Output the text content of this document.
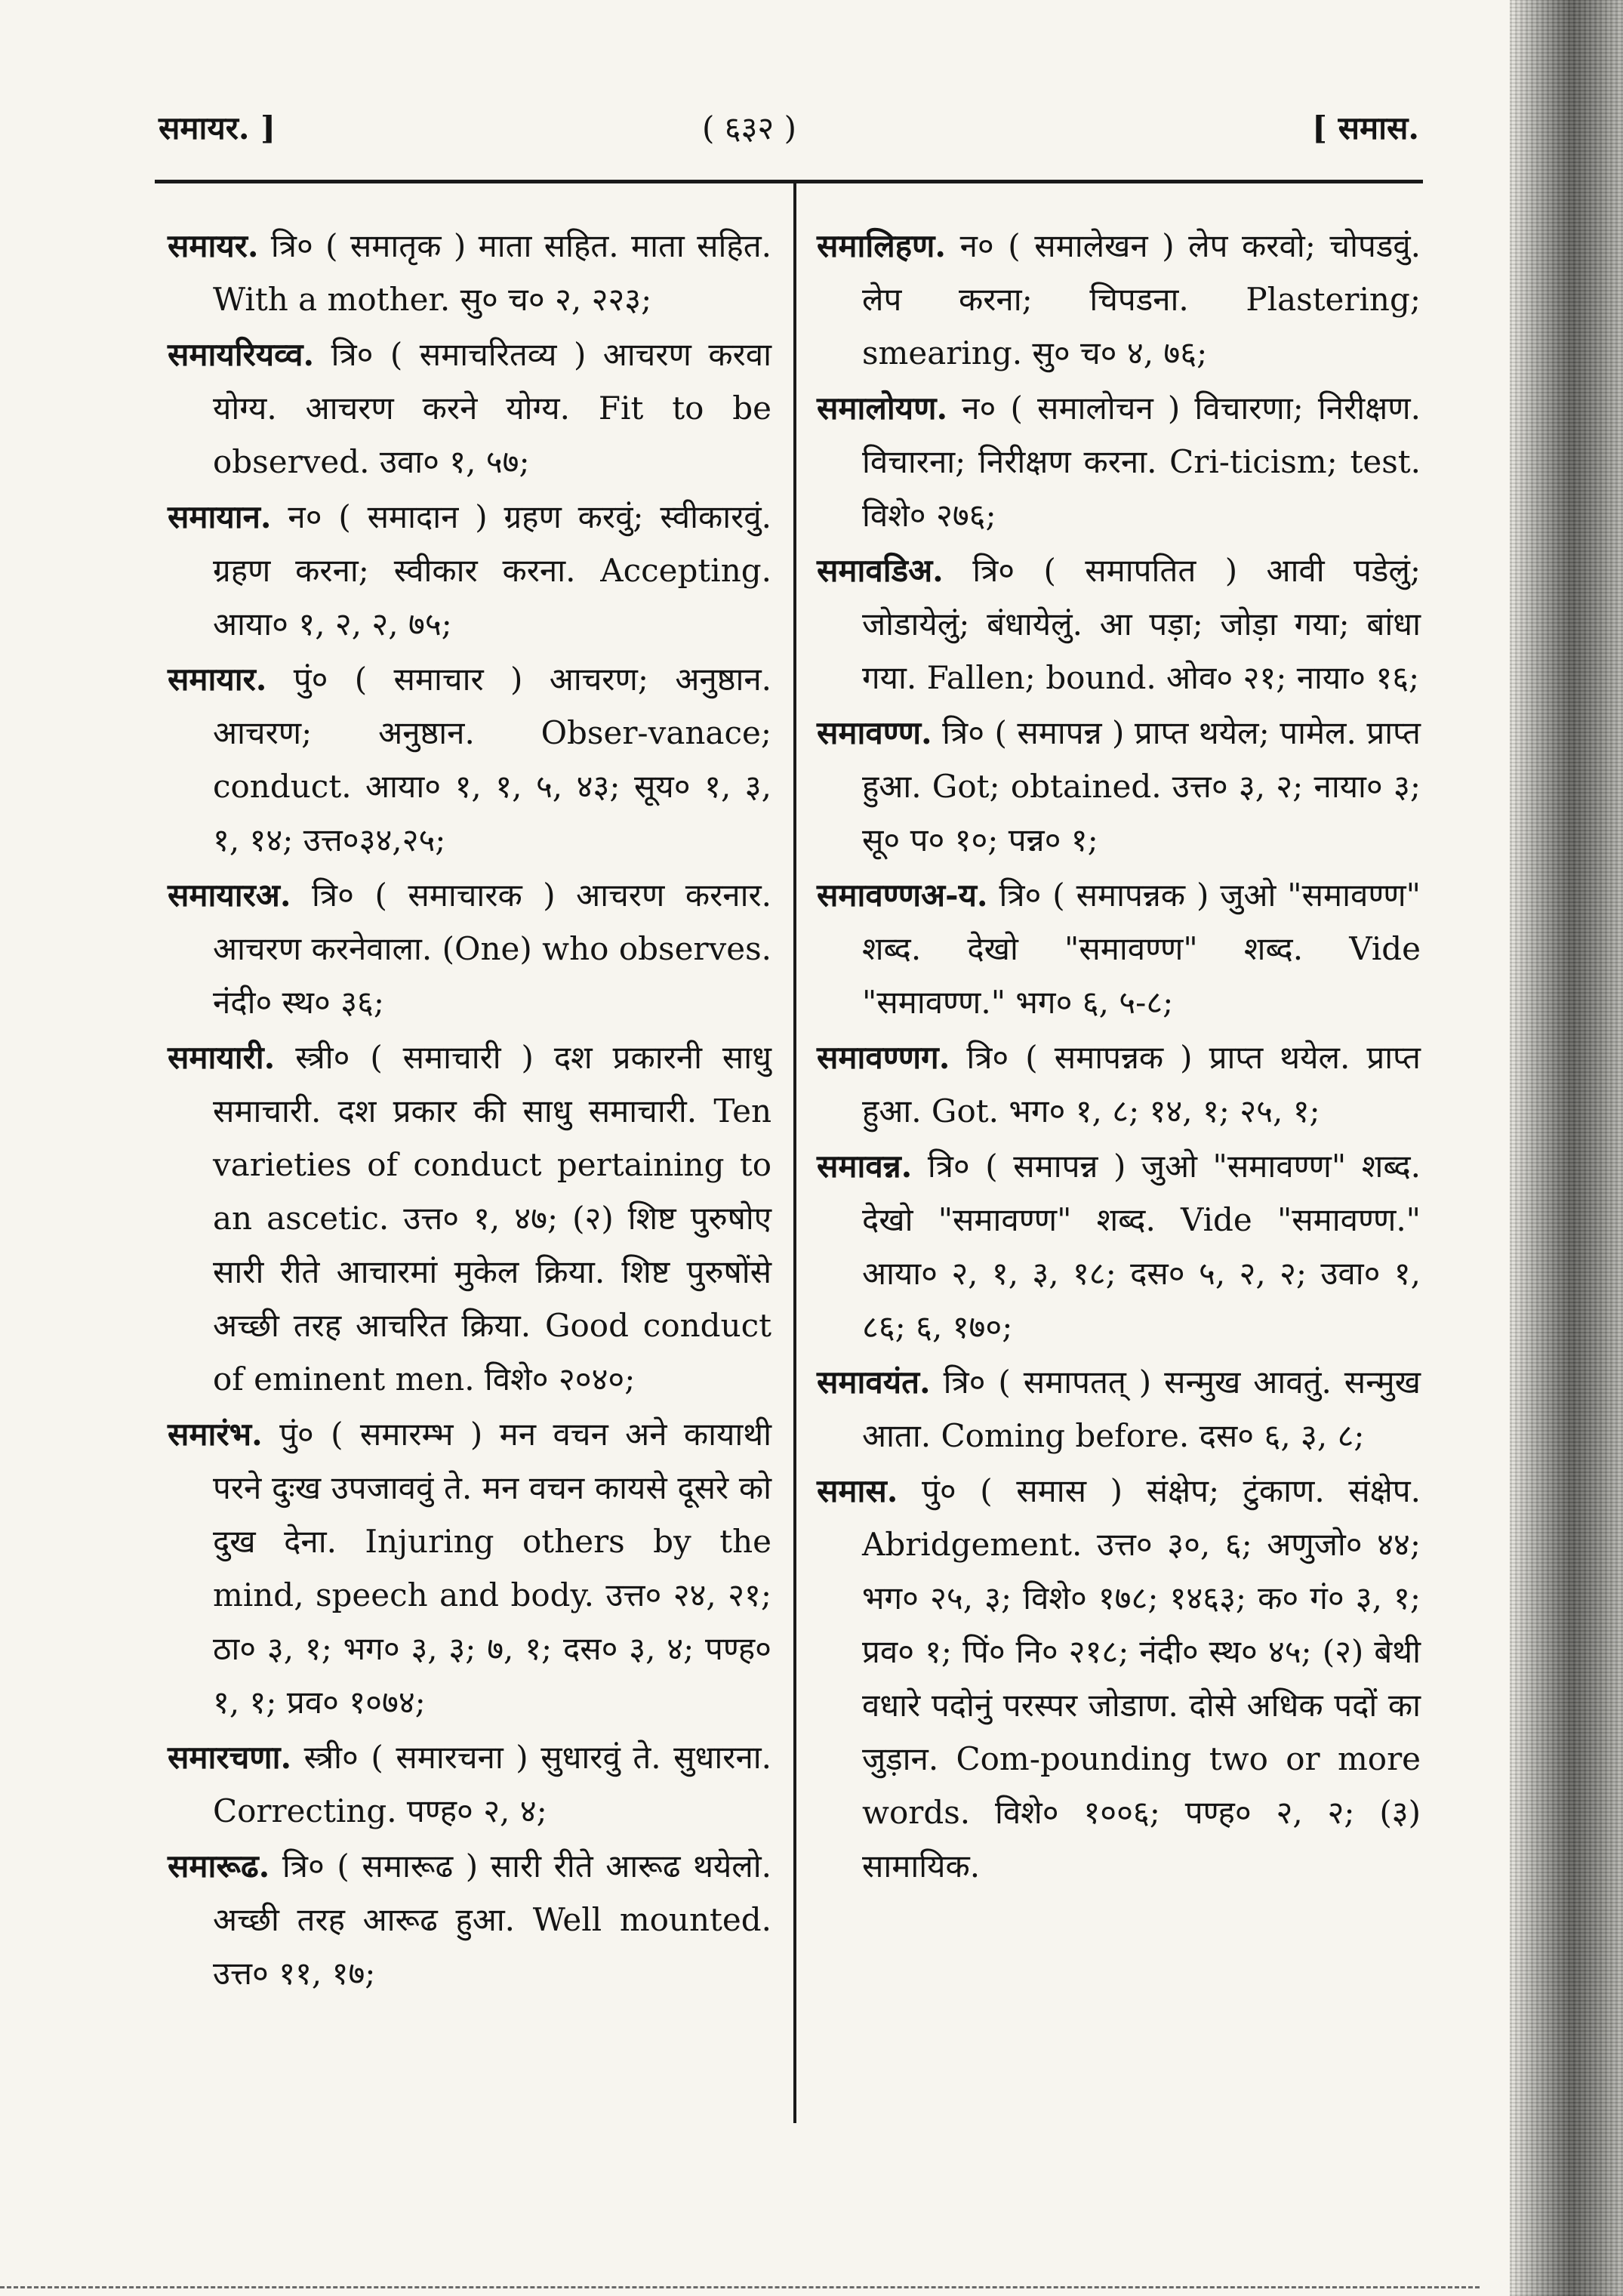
समायर. ]	( ६३२ )	[ समास.

समायर. त्रि० ( समातृक ) माता सहित. माता सहित. With a mother. सु० च० २, २२३;

समायरियव्व. त्रि० ( समाचरितव्य ) आचरण करवा योग्य. आचरण करने योग्य. Fit to be observed. उवा० १, ५७;

समायान. न० ( समादान ) ग्रहण करवुं; स्वीकारवुं. ग्रहण करना; स्वीकार करना. Accepting. आया० १, २, २, ७५;

समायार. पुं० ( समाचार ) आचरण; अनुष्ठान. आचरण; अनुष्ठान. Obser-vanace; conduct. आया० १, १, ५, ४३; सूय० १, ३, १, १४; उत्त०३४,२५;

समायारअ. त्रि० ( समाचारक ) आचरण करनार. आचरण करनेवाला. (One) who observes. नंदी० स्थ० ३६;

समायारी. स्त्री० ( समाचारी ) दश प्रकारनी साधु समाचारी. दश प्रकार की साधु समाचारी. Ten varieties of conduct pertaining to an ascetic. उत्त० १, ४७; (२) शिष्ट पुरुषोए सारी रीते आचारमां मुकेल क्रिया. शिष्ट पुरुषोंसे अच्छी तरह आचरित क्रिया. Good conduct of eminent men. विशे० २०४०;

समारंभ. पुं० ( समारम्भ ) मन वचन अने कायाथी परने दुःख उपजाववुं ते. मन वचन कायसे दूसरे को दुख देना. Injuring others by the mind, speech and body. उत्त० २४, २१; ठा० ३, १; भग० ३, ३; ७, १; दस० ३, ४; पण्ह० १, १; प्रव० १०७४;

समारचणा. स्त्री० ( समारचना ) सुधारवुं ते. सुधारना. Correcting. पण्ह० २, ४;

समारूढ. त्रि० ( समारूढ ) सारी रीते आरूढ थयेलो. अच्छी तरह आरूढ हुआ. Well mounted. उत्त० ११, १७;

समालिहण. न० ( समालेखन ) लेप करवो; चोपडवुं. लेप करना; चिपडना. Plastering; smearing. सु० च० ४, ७६;

समालोयण. न० ( समालोचन ) विचारणा; निरीक्षण. विचारना; निरीक्षण करना. Cri-ticism; test. विशे० २७६;

समावडिअ. त्रि० ( समापतित ) आवी पडेलुं; जोडायेलुं; बंधायेलुं. आ पड़ा; जोड़ा गया; बांधा गया. Fallen; bound. ओव० २१; नाया० १६;

समावण्ण. त्रि० ( समापन्न ) प्राप्त थयेल; पामेल. प्राप्त हुआ. Got; obtained. उत्त० ३, २; नाया० ३; सू० प० १०; पन्न० १;

समावण्णअ-य. त्रि० ( समापन्नक ) जुओ "समावण्ण" शब्द. देखो "समावण्ण" शब्द. Vide "समावण्ण." भग० ६, ५-८;

समावण्णग. त्रि० ( समापन्नक ) प्राप्त थयेल. प्राप्त हुआ. Got. भग० १, ८; १४, १; २५, १;

समावन्न. त्रि० ( समापन्न ) जुओ "समावण्ण" शब्द. देखो "समावण्ण" शब्द. Vide "समावण्ण." आया० २, १, ३, १८; दस० ५, २, २; उवा० १, ८६; ६, १७०;

समावयंत. त्रि० ( समापतत् ) सन्मुख आवतुं. सन्मुख आता. Coming before. दस० ६, ३, ८;

समास. पुं० ( समास ) संक्षेप; टुंकाण. संक्षेप. Abridgement. उत्त० ३०, ६; अणुजो० ४४; भग० २५, ३; विशे० १७८; १४६३; क० गं० ३, १; प्रव० १; पिं० नि० २१८; नंदी० स्थ० ४५; (२) बेथी वधारे पदोनुं परस्पर जोडाण. दोसे अधिक पदों का जुड़ान. Com-pounding two or more words. विशे० १००६; पण्ह० २, २; (३) सामायिक.
